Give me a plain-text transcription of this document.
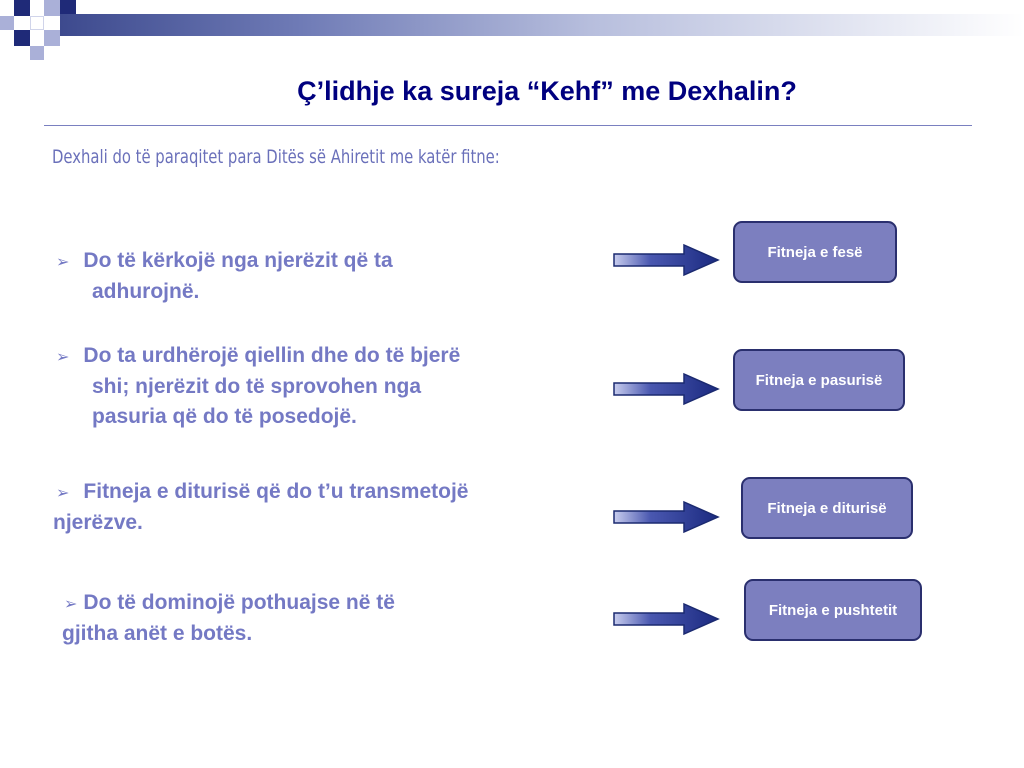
Ç’lidhje ka sureja “Kehf” me Dexhalin?
Dexhali do të paraqitet para Ditës së Ahiretit me katër fitne:
➢ Do të kërkojë nga njerëzit që ta
adhurojnë.
➢ Do ta urdhërojë qiellin dhe do të bjerë
shi; njerëzit do të sprovohen nga
pasuria që do të posedojë.
➢ Fitneja e diturisë që do t’u transmetojë
njerëzve.
➢ Do të dominojë pothuajse në të
gjitha anët e botës.
Fitneja e fesë
Fitneja e pasurisë
Fitneja e diturisë
Fitneja e pushtetit
